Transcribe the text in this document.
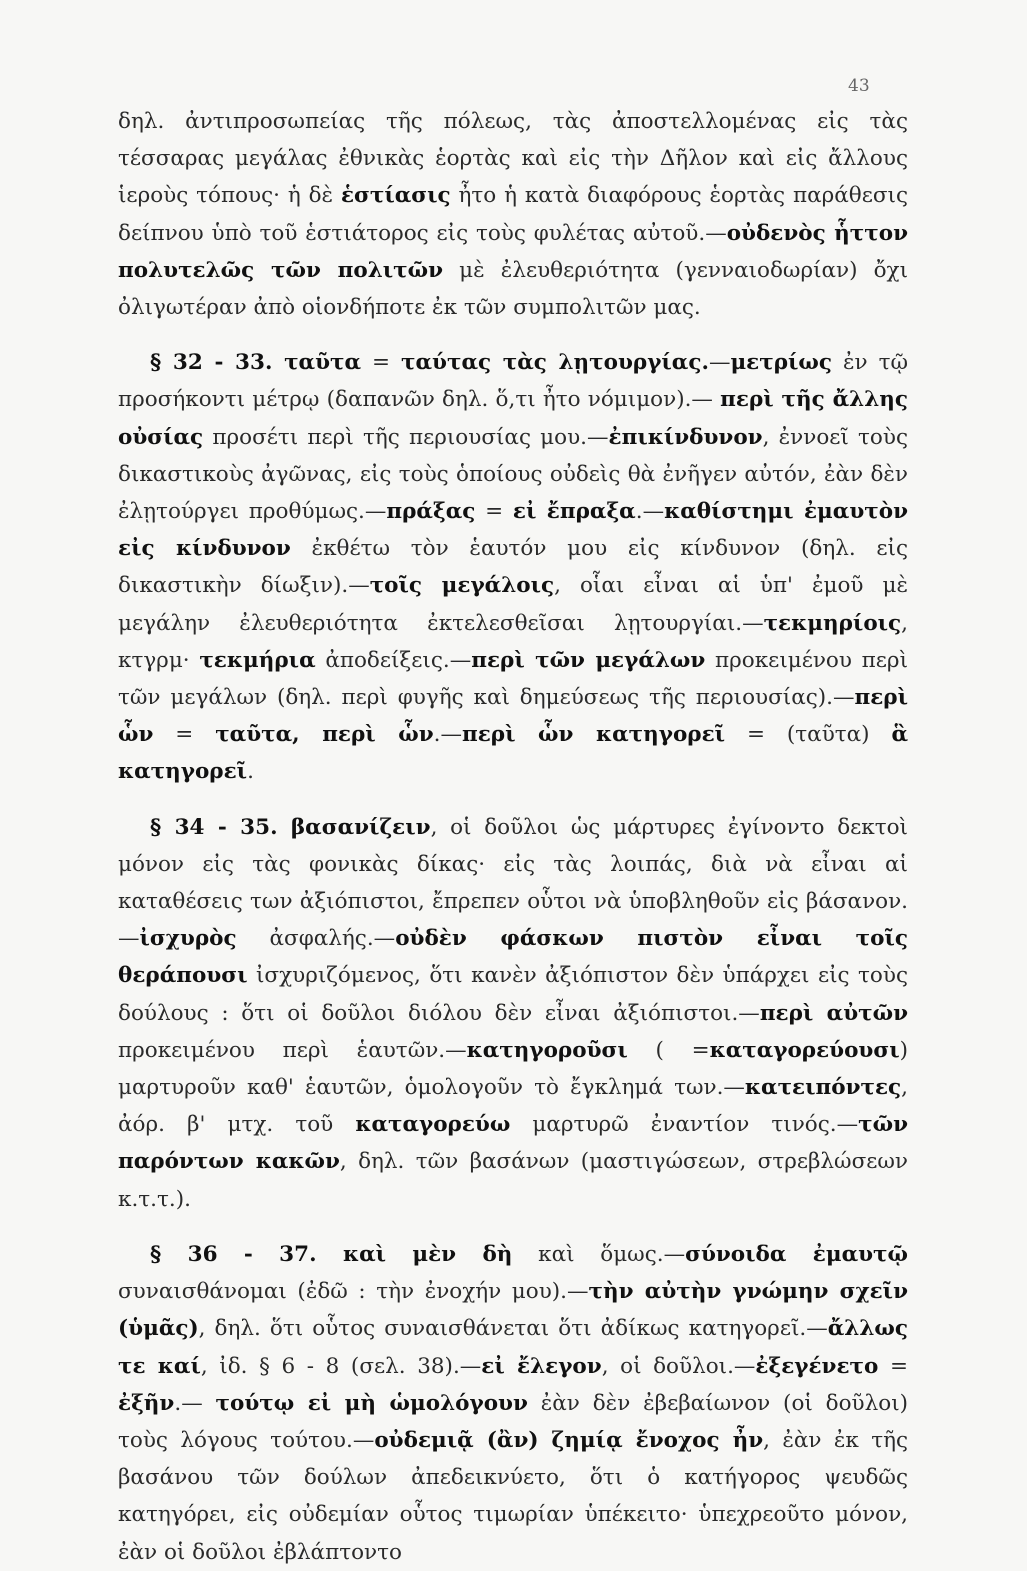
43

δηλ. ἀντιπροσωπείας τῆς πόλεως, τὰς ἀποστελλομένας εἰς τὰς τέσσαρας μεγάλας ἐθνικὰς ἑορτὰς καὶ εἰς τὴν Δῆλον καὶ εἰς ἄλλους ἱεροὺς τόπους· ἡ δὲ ἑστίασις ἦτο ἡ κατὰ διαφόρους ἑορτὰς παράθεσις δείπνου ὑπὸ τοῦ ἑστιάτορος εἰς τοὺς φυλέτας αὐτοῦ.—οὐδενὸς ἧττον πολυτελῶς τῶν πολιτῶν μὲ ἐλευθεριότητα (γενναιοδωρίαν) ὄχι ὀλιγωτέραν ἀπὸ οἱονδήποτε ἐκ τῶν συμπολιτῶν μας.

§ 32 - 33. ταῦτα = ταύτας τὰς λῃτουργίας.—μετρίως ἐν τῷ προσήκοντι μέτρῳ (δαπανῶν δηλ. ὅ,τι ἦτο νόμιμον).— περὶ τῆς ἄλλης οὐσίας προσέτι περὶ τῆς περιουσίας μου.—ἐπικίνδυνον, ἐννοεῖ τοὺς δικαστικοὺς ἀγῶνας, εἰς τοὺς ὁποίους οὐδεὶς θὰ ἐνῆγεν αὐτόν, ἐὰν δὲν ἐλῃτούργει προθύμως.—πράξας = εἰ ἔπραξα.—καθίστημι ἐμαυτὸν εἰς κίνδυνον ἐκθέτω τὸν ἑαυτόν μου εἰς κίνδυνον (δηλ. εἰς δικαστικὴν δίωξιν).—τοῖς μεγάλοις, οἷαι εἶναι αἱ ὑπ' ἐμοῦ μὲ μεγάλην ἐλευθεριότητα ἐκτελεσθεῖσαι λῃτουργίαι.—τεκμηρίοις, κτγρμ· τεκμήρια ἀποδείξεις.—περὶ τῶν μεγάλων προκειμένου περὶ τῶν μεγάλων (δηλ. περὶ φυγῆς καὶ δημεύσεως τῆς περιουσίας).—περὶ ὧν = ταῦτα, περὶ ὧν.—περὶ ὧν κατηγορεῖ = (ταῦτα) ἃ κατηγορεῖ.

§ 34 - 35. βασανίζειν, οἱ δοῦλοι ὡς μάρτυρες ἐγίνοντο δεκτοὶ μόνον εἰς τὰς φονικὰς δίκας· εἰς τὰς λοιπάς, διὰ νὰ εἶναι αἱ καταθέσεις των ἀξιόπιστοι, ἔπρεπεν οὗτοι νὰ ὑποβληθοῦν εἰς βάσανον.—ἰσχυρὸς ἀσφαλής.—οὐδὲν φάσκων πιστὸν εἶναι τοῖς θεράπουσι ἰσχυριζόμενος, ὅτι κανὲν ἀξιόπιστον δὲν ὑπάρχει εἰς τοὺς δούλους : ὅτι οἱ δοῦλοι διόλου δὲν εἶναι ἀξιόπιστοι.—περὶ αὐτῶν προκειμένου περὶ ἑαυτῶν.—κατηγοροῦσι ( =καταγορεύουσι) μαρτυροῦν καθ' ἑαυτῶν, ὁμολογοῦν τὸ ἔγκλημά των.—κατειπόντες, ἀόρ. β' μτχ. τοῦ καταγορεύω μαρτυρῶ ἐναντίον τινός.—τῶν παρόντων κακῶν, δηλ. τῶν βασάνων (μαστιγώσεων, στρεβλώσεων κ.τ.τ.).

§ 36 - 37. καὶ μὲν δὴ καὶ ὅμως.—σύνοιδα ἐμαυτῷ συναισθάνομαι (ἐδῶ : τὴν ἐνοχήν μου).—τὴν αὐτὴν γνώμην σχεῖν (ὑμᾶς), δηλ. ὅτι οὗτος συναισθάνεται ὅτι ἀδίκως κατηγορεῖ.—ἄλλως τε καί, ἰδ. § 6 - 8 (σελ. 38).—εἰ ἔλεγον, οἱ δοῦλοι.—ἐξεγένετο = ἐξῆν.— τούτῳ εἰ μὴ ὡμολόγουν ἐὰν δὲν ἐβεβαίωνον (οἱ δοῦλοι) τοὺς λόγους τούτου.—οὐδεμιᾷ (ἂν) ζημίᾳ ἔνοχος ἦν, ἐὰν ἐκ τῆς βασάνου τῶν δούλων ἀπεδεικνύετο, ὅτι ὁ κατήγορος ψευδῶς κατηγόρει, εἰς οὐδεμίαν οὗτος τιμωρίαν ὑπέκειτο· ὑπεχρεοῦτο μόνον, ἐὰν οἱ δοῦλοι ἐβλάπτοντο
